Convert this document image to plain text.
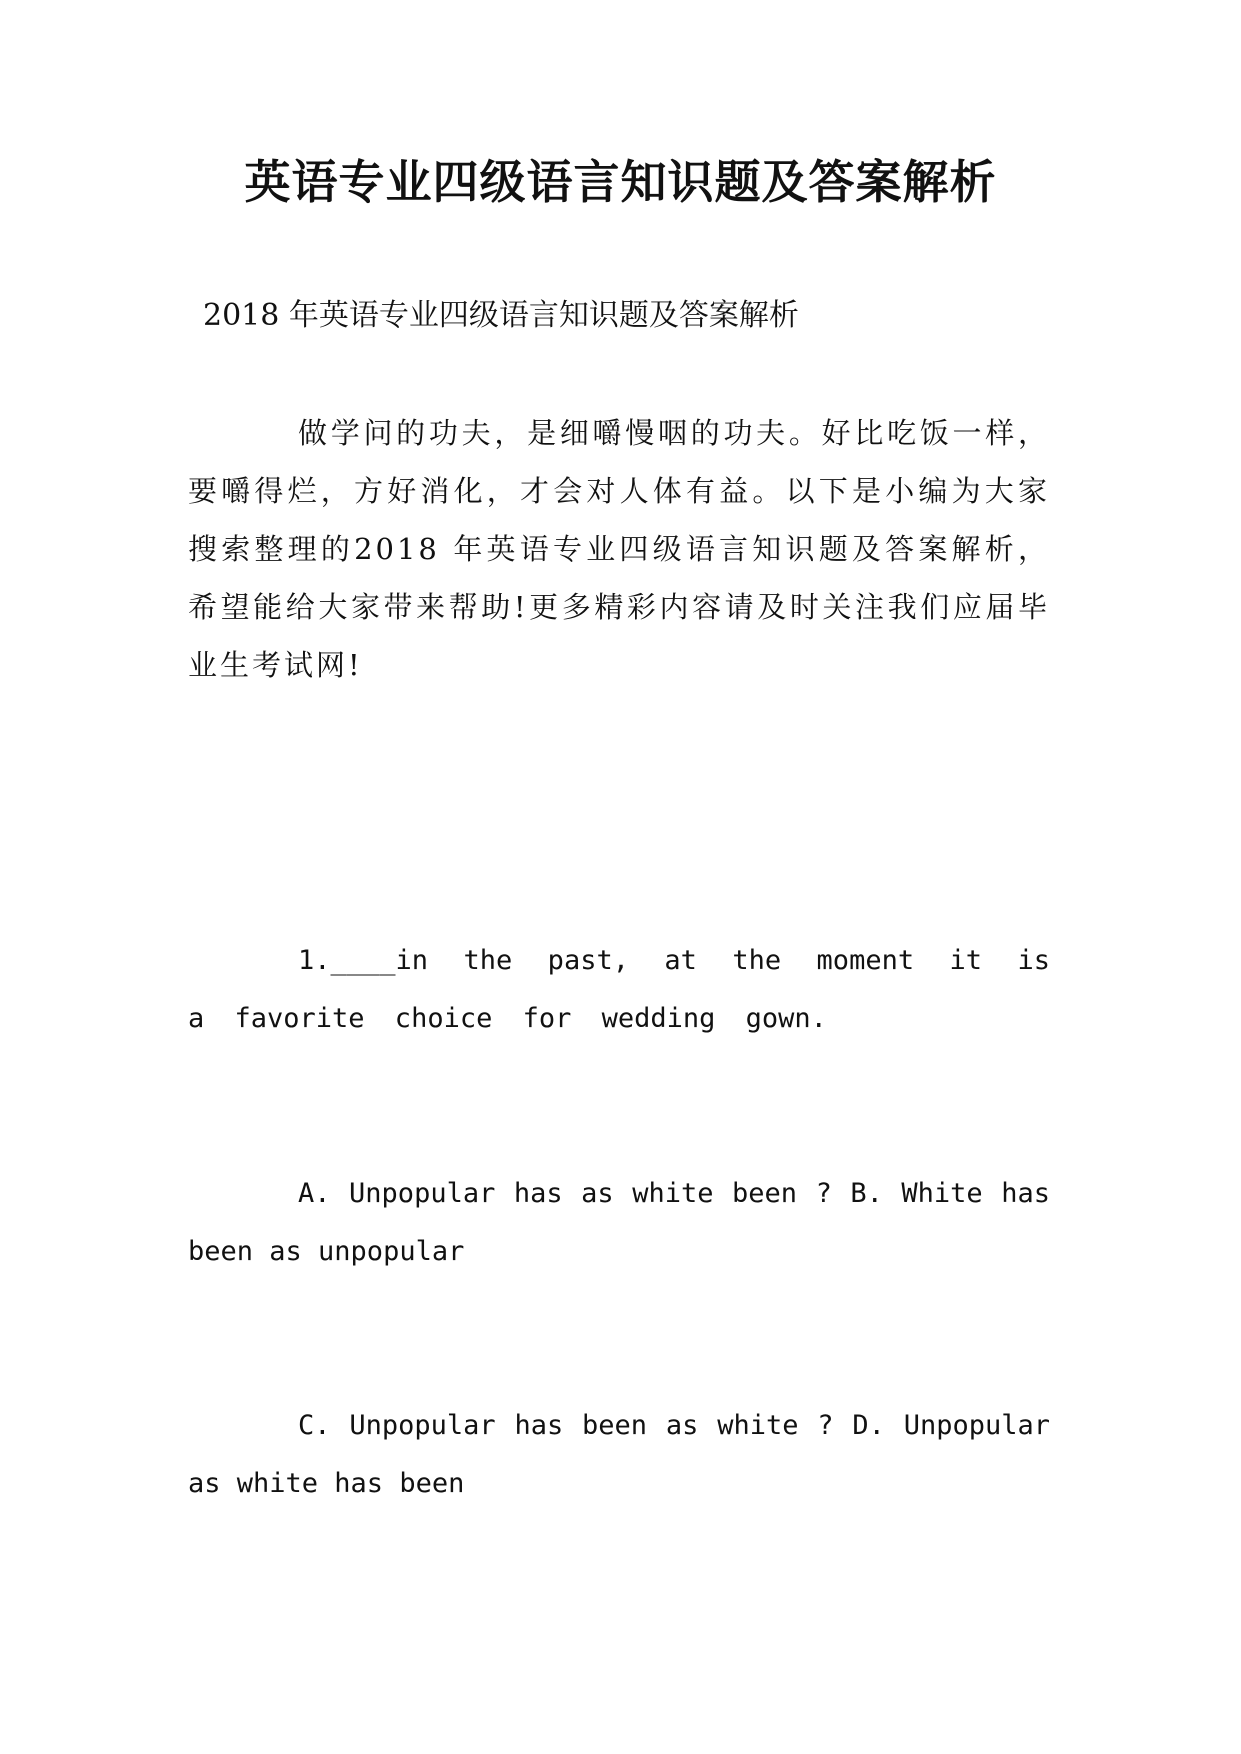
英语专业四级语言知识题及答案解析
2018 年英语专业四级语言知识题及答案解析

做学问的功夫，是细嚼慢咽的功夫。好比吃饭一样，要嚼得烂，方好消化，才会对人体有益。以下是小编为大家搜索整理的2018 年英语专业四级语言知识题及答案解析，希望能给大家带来帮助!更多精彩内容请及时关注我们应届毕业生考试网!

1.____in the past, at the moment it is a favorite choice for wedding gown.

A. Unpopular has as white been ? B. White has been as unpopular

C. Unpopular has been as white ? D. Unpopular as white has been
